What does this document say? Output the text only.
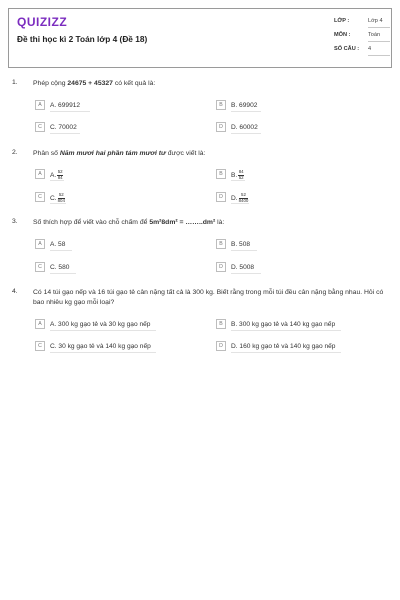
QUIZIZZ
Đề thi học kì 2 Toán lớp 4 (Đề 18)
LỚP :	Lớp 4
MÔN :	Toán
SỐ CÂU : 4
1. Phép cộng 24675 + 45327 có kết quả là:
A	A. 699912	B	B. 69902
C	C. 70002	D	D. 60002
2. Phân số Năm mươi hai phần tám mươi tư được viết là:
A	A. $\frac{52}{84}$	B	B. $\frac{84}{52}$
C	C. $\frac{52}{804}$	D	D. $\frac{52}{8400}$
3. Số thích hợp để viết vào chỗ chấm để 5m²8dm² = ……..dm² là:
A	A. 58	B	B. 508
C	C. 580	D	D. 5008
4. Có 14 túi gạo nếp và 16 túi gạo tẻ cân nặng tất cả là 300 kg. Biết rằng trong mỗi túi đều cân nặng bằng nhau. Hỏi có
bao nhiêu kg gạo mỗi loại?
A	A. 300 kg gạo tẻ và 30 kg gạo nếp	B	B. 300 kg gạo tẻ và 140 kg gạo nếp
C	C. 30 kg gạo tẻ và 140 kg gạo nếp	D	D. 160 kg gạo tẻ và 140 kg gạo nếp
